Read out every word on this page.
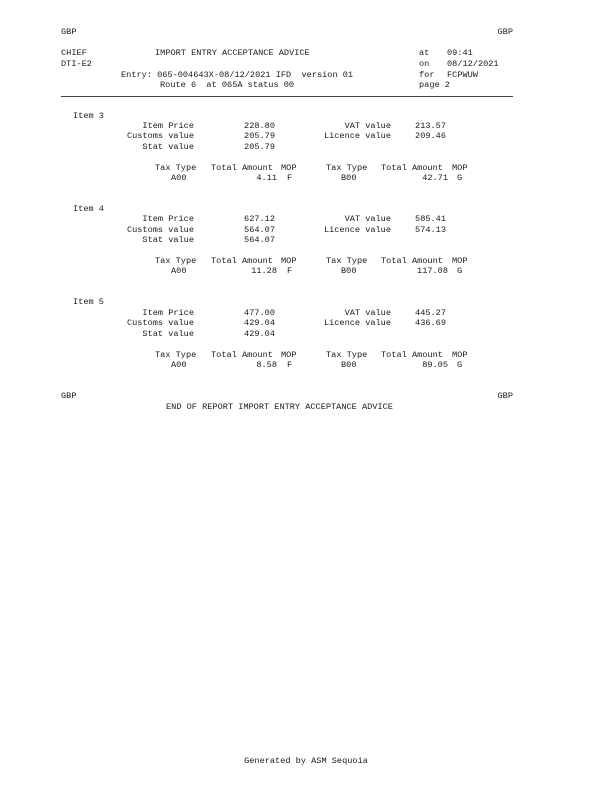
GBP	GBP
CHIEF
DTI-E2
IMPORT ENTRY ACCEPTANCE ADVICE
Entry: 065-004643X-08/12/2021 IFD  version 01
Route 6  at 065A status 00
at 09:41
on 08/12/2021
for FCPWUW
page 2
Item 3
Item Price	228.80	VAT value	213.57
Customs value	205.79	Licence value	209.46
Stat value	205.79
Tax Type Total Amount MOP	Tax Type Total Amount MOP
A00	4.11 F	B00	42.71 G
Item 4
Item Price	627.12	VAT value	585.41
Customs value	564.07	Licence value	574.13
Stat value	564.07
Tax Type Total Amount MOP	Tax Type Total Amount MOP
A00	11.28 F	B00	117.08 G
Item 5
Item Price	477.00	VAT value	445.27
Customs value	429.04	Licence value	436.69
Stat value	429.04
Tax Type Total Amount MOP	Tax Type Total Amount MOP
A00	8.58 F	B00	89.05 G
GBP	GBP
END OF REPORT IMPORT ENTRY ACCEPTANCE ADVICE
Generated by ASM Sequoia
